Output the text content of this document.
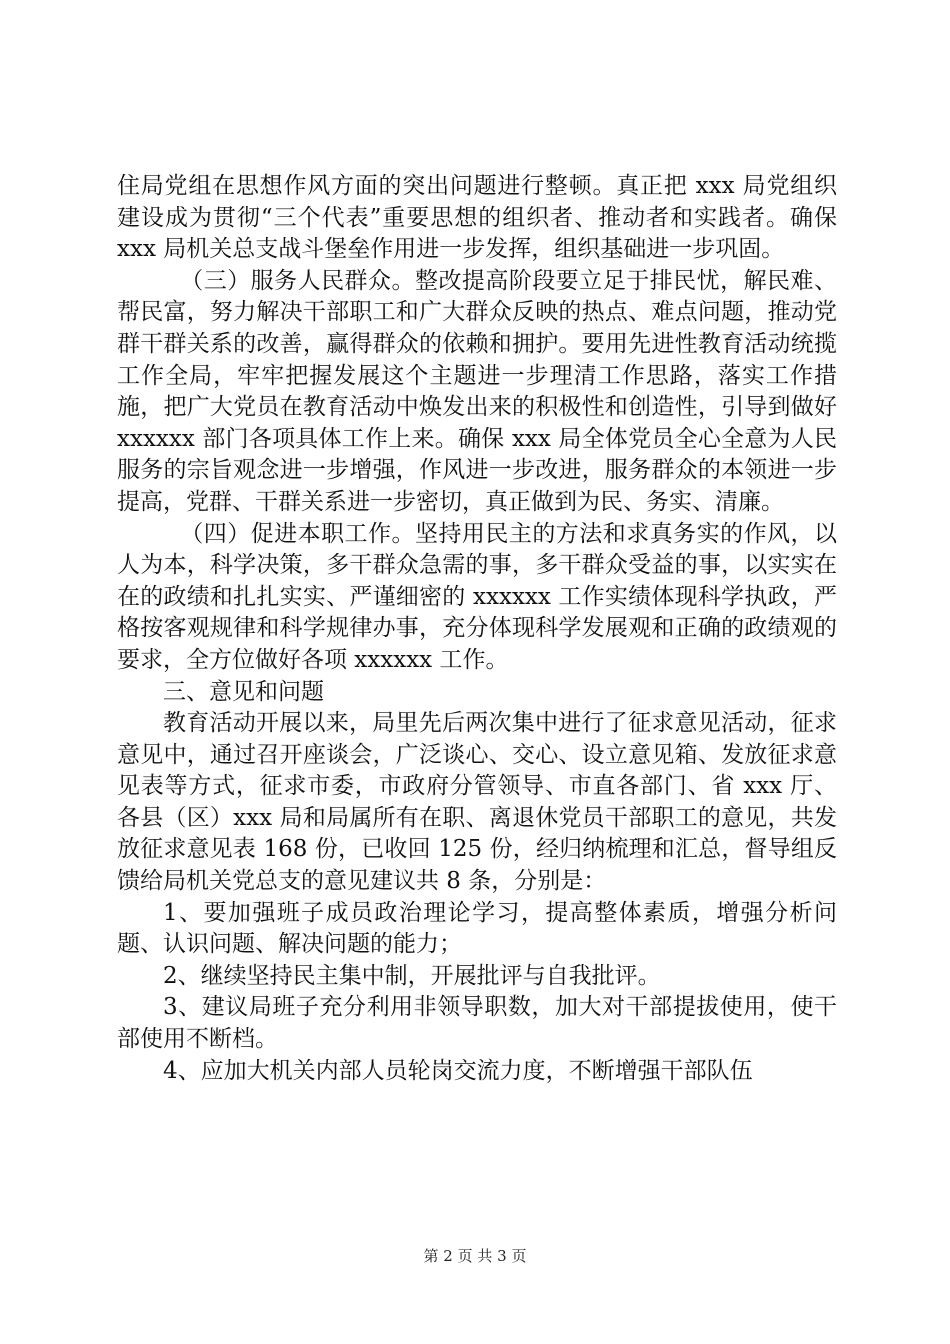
住局党组在思想作风方面的突出问题进行整顿。真正把 xxx 局党组织建设成为贯彻“三个代表”重要思想的组织者、推动者和实践者。确保 xxx 局机关总支战斗堡垒作用进一步发挥，组织基础进一步巩固。

（三）服务人民群众。整改提高阶段要立足于排民忧，解民难、帮民富，努力解决干部职工和广大群众反映的热点、难点问题，推动党群干群关系的改善，赢得群众的依赖和拥护。要用先进性教育活动统揽工作全局，牢牢把握发展这个主题进一步理清工作思路，落实工作措施，把广大党员在教育活动中焕发出来的积极性和创造性，引导到做好 xxxxxx 部门各项具体工作上来。确保 xxx 局全体党员全心全意为人民服务的宗旨观念进一步增强，作风进一步改进，服务群众的本领进一步提高，党群、干群关系进一步密切，真正做到为民、务实、清廉。

（四）促进本职工作。坚持用民主的方法和求真务实的作风，以人为本，科学决策，多干群众急需的事，多干群众受益的事，以实实在在的政绩和扎扎实实、严谨细密的 xxxxxx 工作实绩体现科学执政，严格按客观规律和科学规律办事，充分体现科学发展观和正确的政绩观的要求，全方位做好各项 xxxxxx 工作。

三、意见和问题

教育活动开展以来，局里先后两次集中进行了征求意见活动，征求意见中，通过召开座谈会，广泛谈心、交心、设立意见箱、发放征求意见表等方式，征求市委，市政府分管领导、市直各部门、省 xxx 厅、各县（区）xxx 局和局属所有在职、离退休党员干部职工的意见，共发放征求意见表 168 份，已收回 125 份，经归纳梳理和汇总，督导组反馈给局机关党总支的意见建议共 8 条，分别是：

1、要加强班子成员政治理论学习，提高整体素质，增强分析问题、认识问题、解决问题的能力；

2、继续坚持民主集中制，开展批评与自我批评。

3、建议局班子充分利用非领导职数，加大对干部提拔使用，使干部使用不断档。

4、应加大机关内部人员轮岗交流力度，不断增强干部队伍

第 2 页 共 3 页
